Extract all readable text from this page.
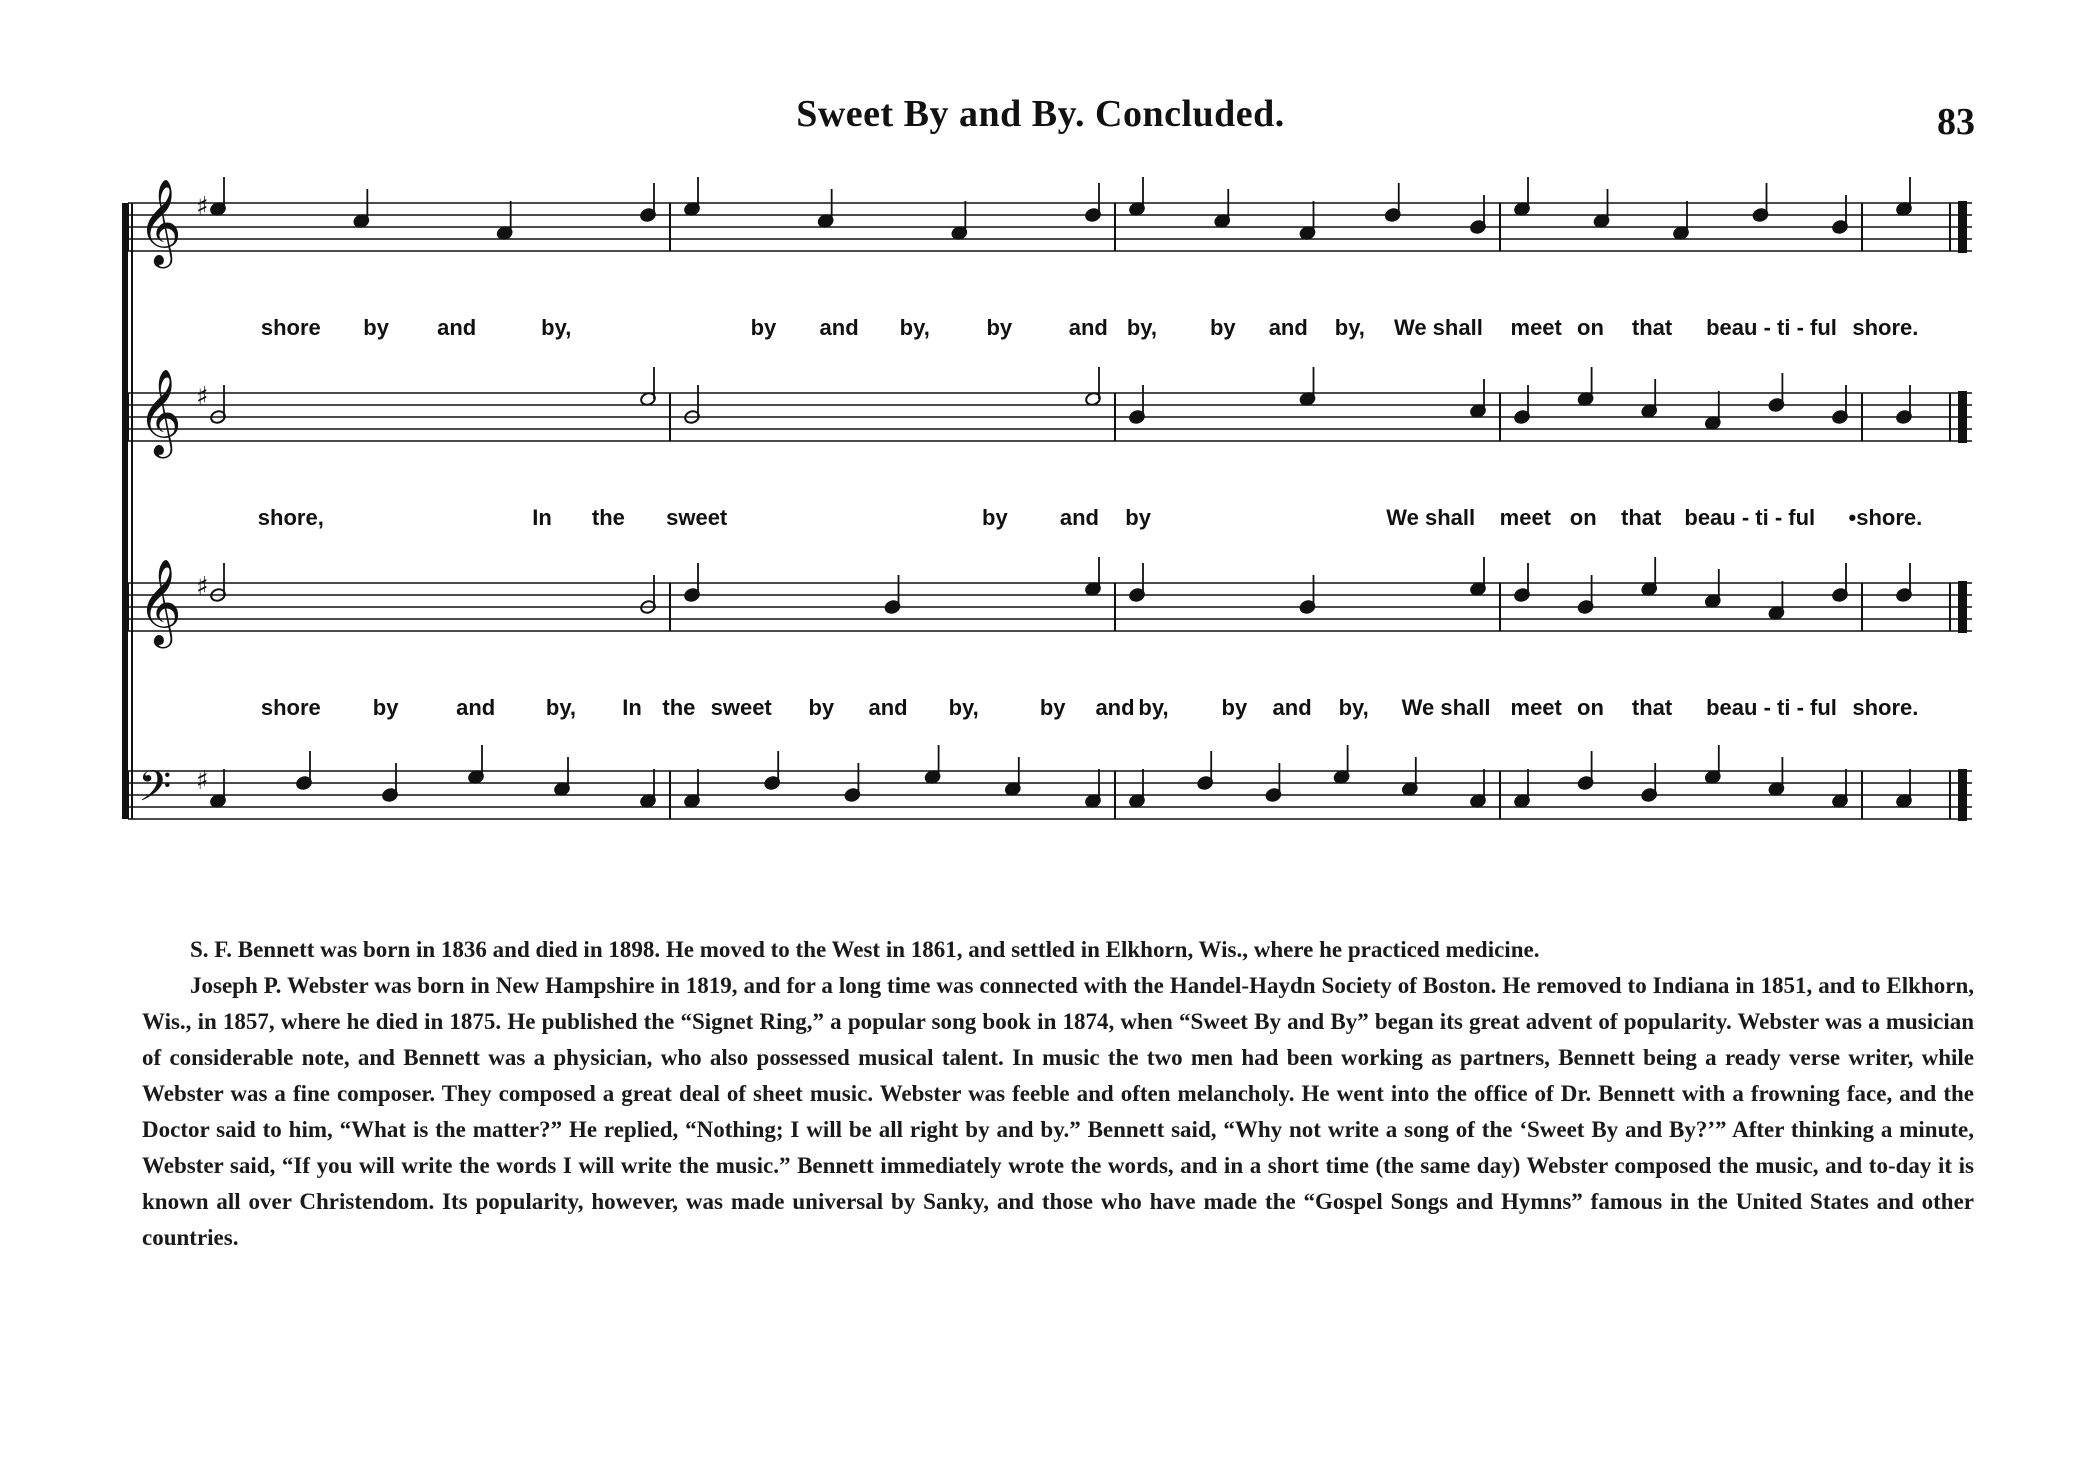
Sweet By and By. Concluded.	83
𝄞 ♯
𝄞 ♯
𝄞 ♯
𝄢 ♯
shore by and	by,	by and by,	by	and by, by and by, We shall meet on that beau - ti - ful shore.
shore,	In the sweet	by and by	We shall meet on that beau - ti - ful •shore.
shore by	and by, In the sweet by and by,	by and by, by and by, We shall meet on that beau - ti - ful shore.

S. F. Bennett was born in 1836 and died in 1898. He moved to the West in 1861, and settled in Elkhorn, Wis., where he practiced medicine.

Joseph P. Webster was born in New Hampshire in 1819, and for a long time was connected with the Handel-Haydn Society of Boston. He removed to Indiana in 1851, and to Elkhorn, Wis., in 1857, where he died in 1875. He published the “Signet Ring,” a popular song book in 1874, when “Sweet By and By” began its great advent of popularity. Webster was a musician of considerable note, and Bennett was a physician, who also possessed musical talent. In music the two men had been working as partners, Bennett being a ready verse writer, while Webster was a fine composer. They composed a great deal of sheet music. Webster was feeble and often melancholy. He went into the office of Dr. Bennett with a frowning face, and the Doctor said to him, “What is the matter?” He replied, “Nothing; I will be all right by and by.” Bennett said, “Why not write a song of the ‘Sweet By and By?’” After thinking a minute, Webster said, “If you will write the words I will write the music.” Bennett immediately wrote the words, and in a short time (the same day) Webster composed the music, and to-day it is known all over Christendom. Its popularity, however, was made universal by Sanky, and those who have made the “Gospel Songs and Hymns” famous in the United States and other countries.
